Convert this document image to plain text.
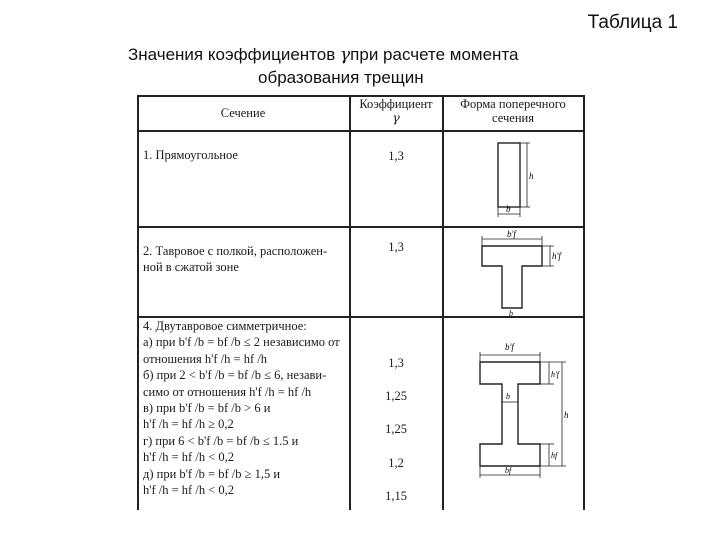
Таблица 1
Значения коэффициентов γпри расчете момента
образования трещин
Сечение
Коэффициент
γ
Форма поперечного
сечения
1. Прямоугольное	1,3
h
b
2. Тавровое с полкой, расположен-
ной в сжатой зоне
1,3
b'f
h'f
b
4. Двутавровое симметричное:
а) при b'f /b = bf /b ≤ 2 независимо от
отношения h'f /h = hf /h
б) при 2 < b'f /b = bf /b ≤ 6, незави-
симо от отношения h'f /h = hf /h
в) при b'f /b = bf /b > 6 и
h'f /h = hf /h ≥ 0,2
г) при 6 < b'f /b = bf /b ≤ 1.5 и
h'f /h = hf /h < 0,2
д) при b'f /b = bf /b ≥ 1,5 и
h'f /h = hf /h < 0,2
1,3
1,25
1,25
1,2
1,15
b'f
h'f
b
h
hf
bf
